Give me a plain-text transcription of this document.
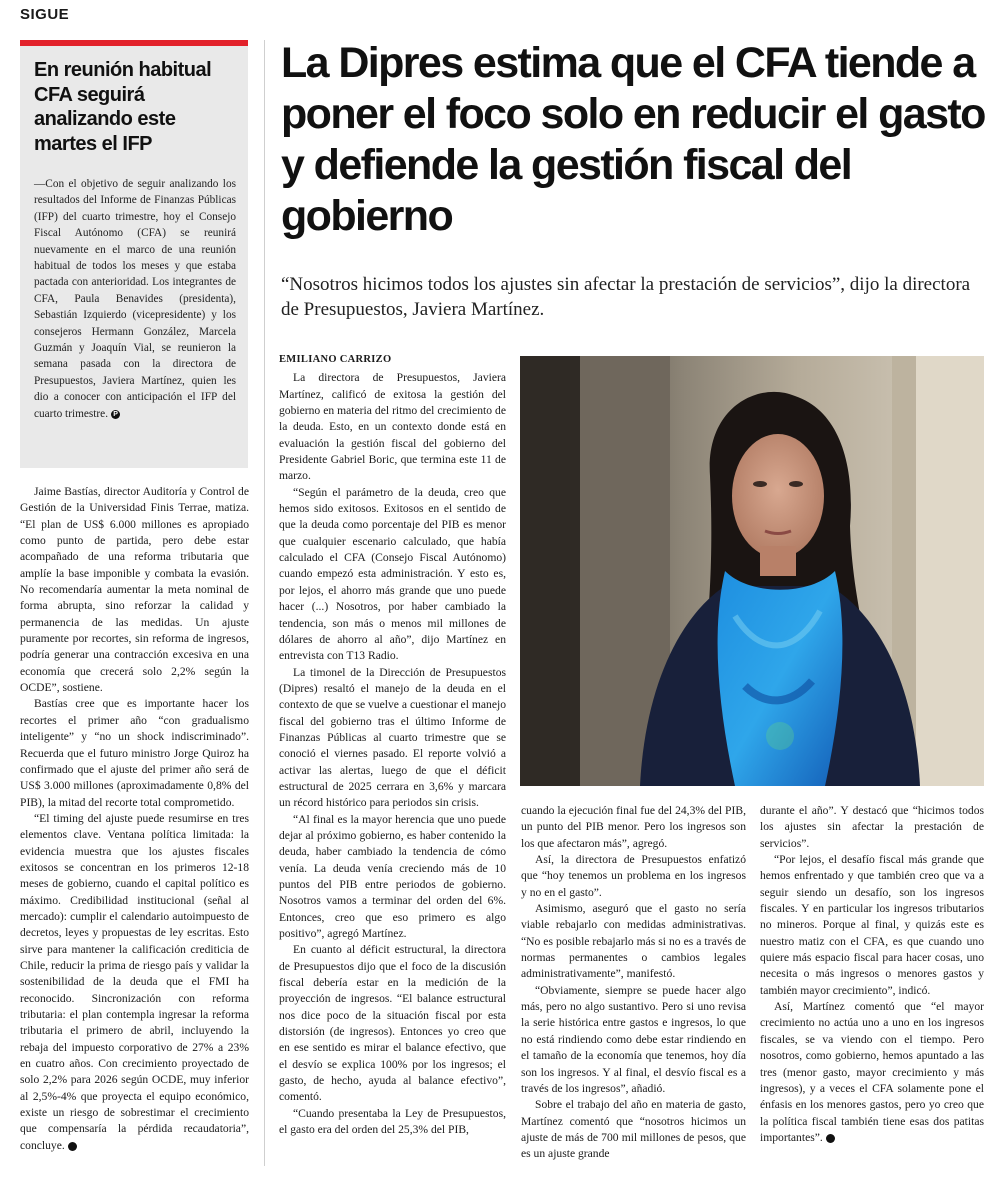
SIGUE
En reunión habitual CFA seguirá analizando este martes el IFP

—Con el objetivo de seguir analizando los resultados del Informe de Finanzas Públicas (IFP) del cuarto trimestre, hoy el Consejo Fiscal Autónomo (CFA) se reunirá nuevamente en el marco de una reunión habitual de todos los meses y que estaba pactada con anterioridad. Los integrantes de CFA, Paula Benavides (presidenta), Sebastián Izquierdo (vicepresidente) y los consejeros Hermann González, Marcela Guzmán y Joaquín Vial, se reunieron la semana pasada con la directora de Presupuestos, Javiera Martínez, quien les dio a conocer con anticipación el IFP del cuarto trimestre. P

La Dipres estima que el CFA tiende a poner el foco solo en reducir el gasto y defiende la gestión fiscal del gobierno

“Nosotros hicimos todos los ajustes sin afectar la prestación de servicios”, dijo la directora de Presupuestos, Javiera Martínez.

Jaime Bastías, director Auditoría y Control de Gestión de la Universidad Finis Terrae, matiza. “El plan de US$ 6.000 millones es apropiado como punto de partida, pero debe estar acompañado de una reforma tributaria que amplíe la base imponible y combata la evasión. No recomendaría aumentar la meta nominal de forma abrupta, sino reforzar la calidad y permanencia de las medidas. Un ajuste puramente por recortes, sin reforma de ingresos, podría generar una contracción excesiva en una economía que crecerá solo 2,2% según la OCDE”, sostiene.

Bastías cree que es importante hacer los recortes el primer año “con gradualismo inteligente” y “no un shock indiscriminado”. Recuerda que el futuro ministro Jorge Quiroz ha confirmado que el ajuste del primer año será de US$ 3.000 millones (aproximadamente 0,8% del PIB), la mitad del recorte total comprometido.

“El timing del ajuste puede resumirse en tres elementos clave. Ventana política limitada: la evidencia muestra que los ajustes fiscales exitosos se concentran en los primeros 12-18 meses de gobierno, cuando el capital político es máximo. Credibilidad institucional (señal al mercado): cumplir el calendario autoimpuesto de decretos, leyes y propuestas de ley escritas. Esto sirve para mantener la calificación crediticia de Chile, reducir la prima de riesgo país y validar la sostenibilidad de la deuda que el FMI ha reconocido. Sincronización con reforma tributaria: el plan contempla ingresar la reforma tributaria el primero de abril, incluyendo la rebaja del impuesto corporativo de 27% a 23% en cuatro años. Con crecimiento proyectado de solo 2,2% para 2026 según OCDE, muy inferior al 2,5%-4% que proyecta el equipo económico, existe un riesgo de sobrestimar el crecimiento que compensaría la pérdida recaudatoria”, concluye. P

EMILIANO CARRIZO

La directora de Presupuestos, Javiera Martínez, calificó de exitosa la gestión del gobierno en materia del ritmo del crecimiento de la deuda. Esto, en un contexto donde está en evaluación la gestión fiscal del gobierno del Presidente Gabriel Boric, que termina este 11 de marzo.

“Según el parámetro de la deuda, creo que hemos sido exitosos. Exitosos en el sentido de que la deuda como porcentaje del PIB es menor que cualquier escenario calculado, que había calculado el CFA (Consejo Fiscal Autónomo) cuando empezó esta administración. Y esto es, por lejos, el ahorro más grande que uno puede hacer (...) Nosotros, por haber cambiado la tendencia, son más o menos mil millones de dólares de ahorro al año”, dijo Martínez en entrevista con T13 Radio.

La timonel de la Dirección de Presupuestos (Dipres) resaltó el manejo de la deuda en el contexto de que se vuelve a cuestionar el manejo fiscal del gobierno tras el último Informe de Finanzas Públicas al cuarto trimestre que se conoció el viernes pasado. El reporte volvió a activar las alertas, luego de que el déficit estructural de 2025 cerrara en 3,6% y marcara un récord histórico para periodos sin crisis.

“Al final es la mayor herencia que uno puede dejar al próximo gobierno, es haber contenido la deuda, haber cambiado la tendencia de cómo venía. La deuda venía creciendo más de 10 puntos del PIB entre periodos de gobierno. Nosotros vamos a terminar del orden del 6%. Entonces, creo que eso primero es algo positivo”, agregó Martínez.

En cuanto al déficit estructural, la directora de Presupuestos dijo que el foco de la discusión fiscal debería estar en la medición de la proyección de ingresos. “El balance estructural nos dice poco de la situación fiscal por esta distorsión (de ingresos). Entonces yo creo que en ese sentido es mirar el balance efectivo, que el desvío se explica 100% por los ingresos; el gasto, de hecho, ayuda al balance efectivo”, comentó.

“Cuando presentaba la Ley de Presupuestos, el gasto era del orden del 25,3% del PIB,

cuando la ejecución final fue del 24,3% del PIB, un punto del PIB menor. Pero los ingresos son los que afectaron más”, agregó.

Así, la directora de Presupuestos enfatizó que “hoy tenemos un problema en los ingresos y no en el gasto”.

Asimismo, aseguró que el gasto no sería viable rebajarlo con medidas administrativas. “No es posible rebajarlo más si no es a través de normas permanentes o cambios legales administrativamente”, manifestó.

“Obviamente, siempre se puede hacer algo más, pero no algo sustantivo. Pero si uno revisa la serie histórica entre gastos e ingresos, lo que no está rindiendo como debe estar rindiendo en el tamaño de la economía que tenemos, hoy día son los ingresos. Y al final, el desvío fiscal es a través de los ingresos”, añadió.

Sobre el trabajo del año en materia de gasto, Martínez comentó que “nosotros hicimos un ajuste de más de 700 mil millones de pesos, que es un ajuste grande

durante el año”. Y destacó que “hicimos todos los ajustes sin afectar la prestación de servicios”.

“Por lejos, el desafío fiscal más grande que hemos enfrentado y que también creo que va a seguir siendo un desafío, son los ingresos fiscales. Y en particular los ingresos tributarios no mineros. Porque al final, y quizás este es nuestro matiz con el CFA, es que cuando uno quiere más espacio fiscal para hacer cosas, uno necesita o más ingresos o menores gastos y también mayor crecimiento”, indicó.

Así, Martínez comentó que “el mayor crecimiento no actúa uno a uno en los ingresos fiscales, se va viendo con el tiempo. Pero nosotros, como gobierno, hemos apuntado a las tres (menor gasto, mayor crecimiento y más ingresos), y a veces el CFA solamente pone el énfasis en los menores gastos, pero yo creo que la política fiscal también tiene esas dos patitas importantes”. P
